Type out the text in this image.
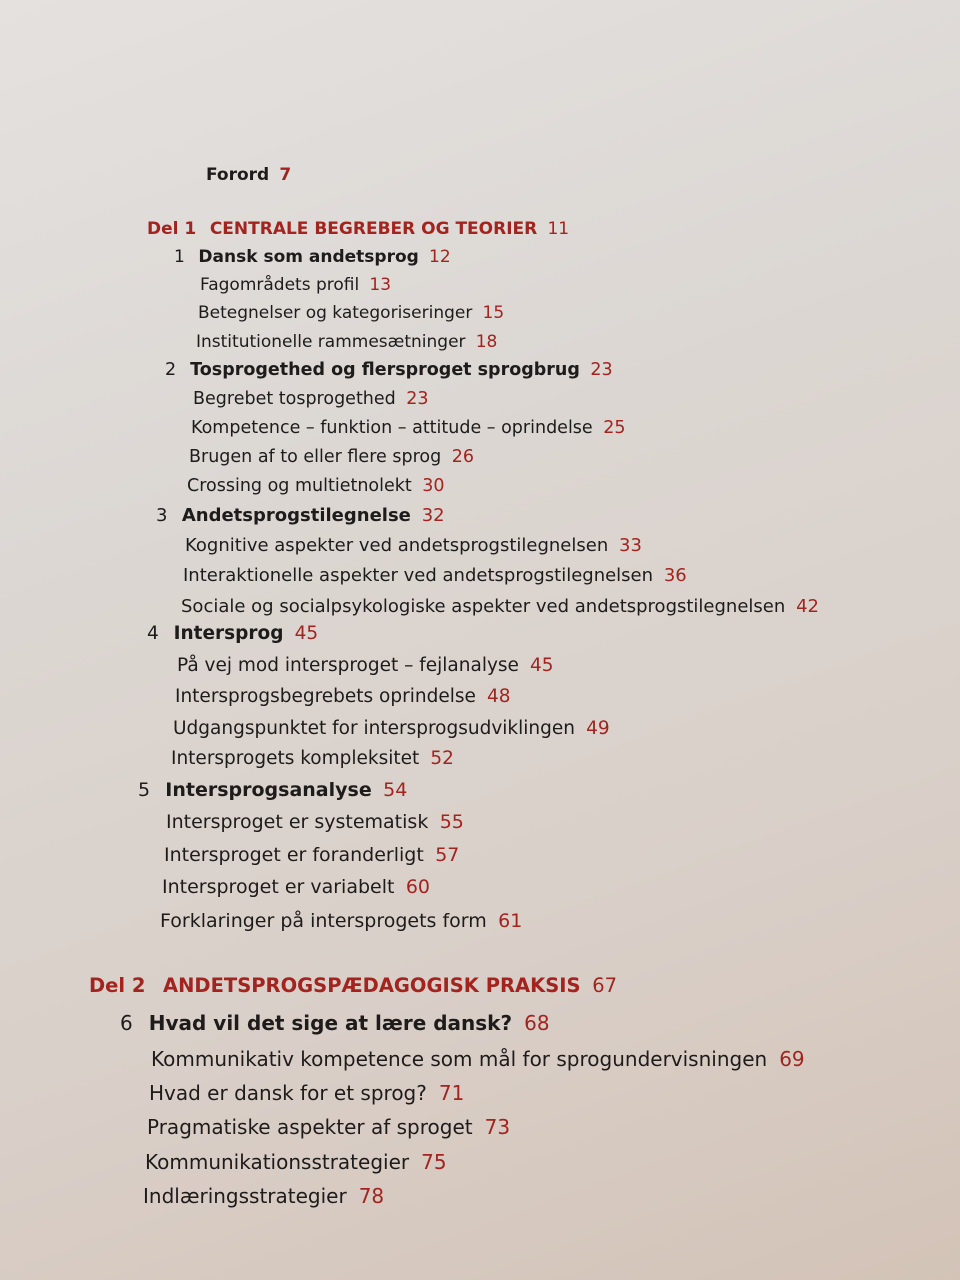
Forord 7
Del 1 CENTRALE BEGREBER OG TEORIER 11
1 Dansk som andetsprog 12
Fagområdets profil 13
Betegnelser og kategoriseringer 15
Institutionelle rammesætninger 18
2 Tosprogethed og flersproget sprogbrug 23
Begrebet tosprogethed 23
Kompetence – funktion – attitude – oprindelse 25
Brugen af to eller flere sprog 26
Crossing og multietnolekt 30
3 Andetsprogstilegnelse 32
Kognitive aspekter ved andetsprogstilegnelsen 33
Interaktionelle aspekter ved andetsprogstilegnelsen 36
Sociale og socialpsykologiske aspekter ved andetsprogstilegnelsen 42
4 Intersprog 45
På vej mod intersproget – fejlanalyse 45
Intersprogsbegrebets oprindelse 48
Udgangspunktet for intersprogsudviklingen 49
Intersprogets kompleksitet 52
5 Intersprogsanalyse 54
Intersproget er systematisk 55
Intersproget er foranderligt 57
Intersproget er variabelt 60
Forklaringer på intersprogets form 61
Del 2 ANDETSPROGSPÆDAGOGISK PRAKSIS 67
6 Hvad vil det sige at lære dansk? 68
Kommunikativ kompetence som mål for sprogundervisningen 69
Hvad er dansk for et sprog? 71
Pragmatiske aspekter af sproget 73
Kommunikationsstrategier 75
Indlæringsstrategier 78
